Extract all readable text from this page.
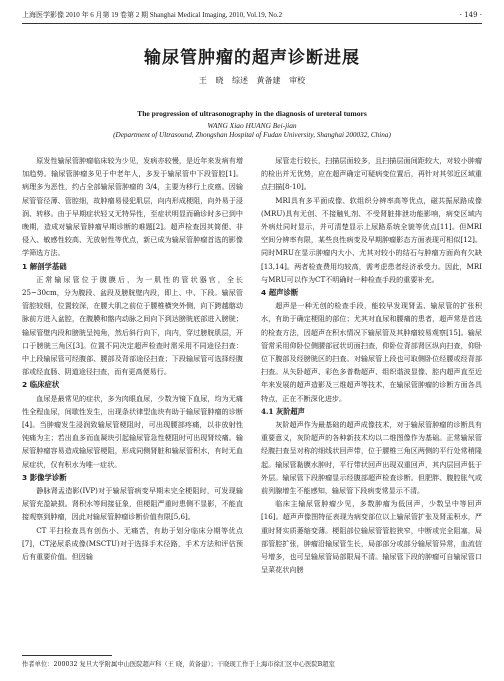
上海医学影像 2010 年 6 月第 19 卷第 2 期 Shanghai Medical Imaging, 2010, Vol.19, No.2	· 149 ·
输尿管肿瘤的超声诊断进展
王 晓 综述 黄备建 审校
The progression of ultrasonography in the diagnosis of ureteral tumors
WANG Xiao HUANG Bei-jian
(Department of Ultrasound, Zhongshan Hospital of Fudan University, Shanghai 200032, China)

原发性输尿管肿瘤临床较为少见，发病亦较慢，是近年来发病有增加趋势。输尿管肿瘤多见于中老年人，多发于输尿管中下段管腔[1]。病理多为恶性，约占全部输尿管肿瘤的 3/4，主要为移行上皮癌。因输尿管管径薄、管腔细，故肿瘤易侵犯肌层，向内形成梗阻，向外易于浸润、转移。由于早期症状轻又无特异性，至症状明显而确诊时多已到中晚期，造成对输尿管肿瘤早期诊断的难题[2]。超声检查因其简便、非侵入、敏感性较高、无放射性等优点，新已成为输尿管肿瘤首选的影像学筛选方法。

1 解剖学基础

正常输尿管位于腹膜后，为一肌性的管状器官，全长 25~30cm，分为腹段、盆段及膀胱壁内段，即上、中、下段。输尿管管腔较细，位置较深，在腰大肌之前位于腰椎横突外侧，向下跨越髂动脉前方进入盆腔，在腹膜和髂内动脉之间向下到达膀胱底部进入膀胱；输尿管壁内段和膀胱呈钝角，然后斜行向下，向内，穿过膀胱肌层，开口于膀胱三角区[3]。位置不同决定超声检查时需采用不同途径扫查：中上段输尿管可经腹部、腰部及背部途径扫查；下段输尿管可选择经腹部或经直肠、阴道途径扫查，而有更高便易行。

2 临床症状

血尿是最常见的症状，多为肉眼血尿，少数为镜下血尿，均为无痛性全程血尿，间歇性发生，出现条状律型血块有助于输尿管肿瘤的诊断[4]。当肿瘤发生浸润致输尿管梗阻时，可出现腰部疼痛，以非放射性钝痛为主；若出血多而血凝块引起输尿管急性梗阻时可出现肾绞痛。输尿管肿瘤容易造成输尿管梗阻，形成同侧肾脏和输尿管积水，有时无血尿症状，仅有积水为唯一症状。

3 影像学诊断

静脉肾盂造影(IVP)对于输尿管病变早期未完全梗阻时，可发现输尿管充盈缺损。肾积水等间接征象，但梗阻严重时患侧不显影，不能直接观察到肿瘤，因此对输尿管肿瘤诊断价值有限[5,6]。

CT 平扫检查具有创伤小、无痛苦，有助于划分临床分期等优点[7]，CT泌尿系成像(MSCTU)对于选择手术径路，手术方法和评估预后有重要价值。但因输

尿管走行较长，扫描层面较多，且扫描层面间距较大，对较小肿瘤的检出并无优势，应在超声确定可疑病变位置后，再针对其邻近区域重点扫描[8-10]。

MRI具有多平面成像、软组织分辨率高等优点，磁共振尿路成像(MRU)具有无创、不接触钆剂、不受肾脏排泄功能影响，病变区域内外病灶同时显示，并可清楚显示上尿路系统全貌等优点[11]。但MRI空间分辨率有限，某些良性病变及早期肿瘤影态方面表现可相似[12]。同时MRU在显示肿瘤内大小、尤其对较小的结石与肿瘤方面尚有欠缺[13,14]。两者检查费用均较高，需考虑患者经济承受力。因此，MRI与MRU可以作为CT不明确时一种检查手段的重要补充。

4 超声诊断

超声是一种无创的检查手段，能较早发现肾盂、输尿管的扩张积水，有助于确定梗阻的部位；尤其对血尿和腰痛的患者，超声常是首选的检查方法，因超声在积水情况下输尿管及其肿瘤较易观察[15]。输尿管常采用仰卧位侧腰部冠状切面扫查，仰卧位背部肾区纵向扫查，仰卧位下腹部及经膀胱区的扫查。对输尿管上段也可取侧卧位经腰或经背部扫查。从矢卧超声、彩色多普勒超声、组织谐波显像、腔内超声直至近年来发展的超声造影及三维超声等技术，在输尿管肿瘤的诊断方面各具特点，正在不断深化进步。

4.1 灰阶超声

灰阶超声作为最基础的超声成像技术，对于输尿管肿瘤的诊断具有重要意义，灰阶超声的各种新技术均以二维图像作为基础。正常输尿管经腹扫查呈对称的细线状回声带，位于腰椎三角区两侧的平行处常稍隆起。输尿管黏膜水肿时，平行带状回声出现双重回声，其内层回声低于外层。输尿管下段肿瘤显示经腹部超声检查诊断。但肥胖、腹腔胀气或前列腺增生不能感知，输尿管下段病变常显示不清。

临床主输尿管肿瘤少见，多数肿瘤为低回声，少数呈中等回声[16]。超声声像图特征表现为病变部位以上输尿管扩张及肾盂积水，严重时肾实质萎缩变薄。梗阻部位输尿管管腔狭窄，中断或完全阻塞，局部管腔扩张，肿瘤沿输尿管生长，局部部分或部分输尿管异常，血流信号增多，也可呈输尿管局部限局不清。输尿管下段的肿瘤可自输尿管口呈菜花状向膀

作者单位：200032 复旦大学附属中山医院超声科（王 晓，黄备建）；干晓现工作于上海市徐汇区中心医院B超室
